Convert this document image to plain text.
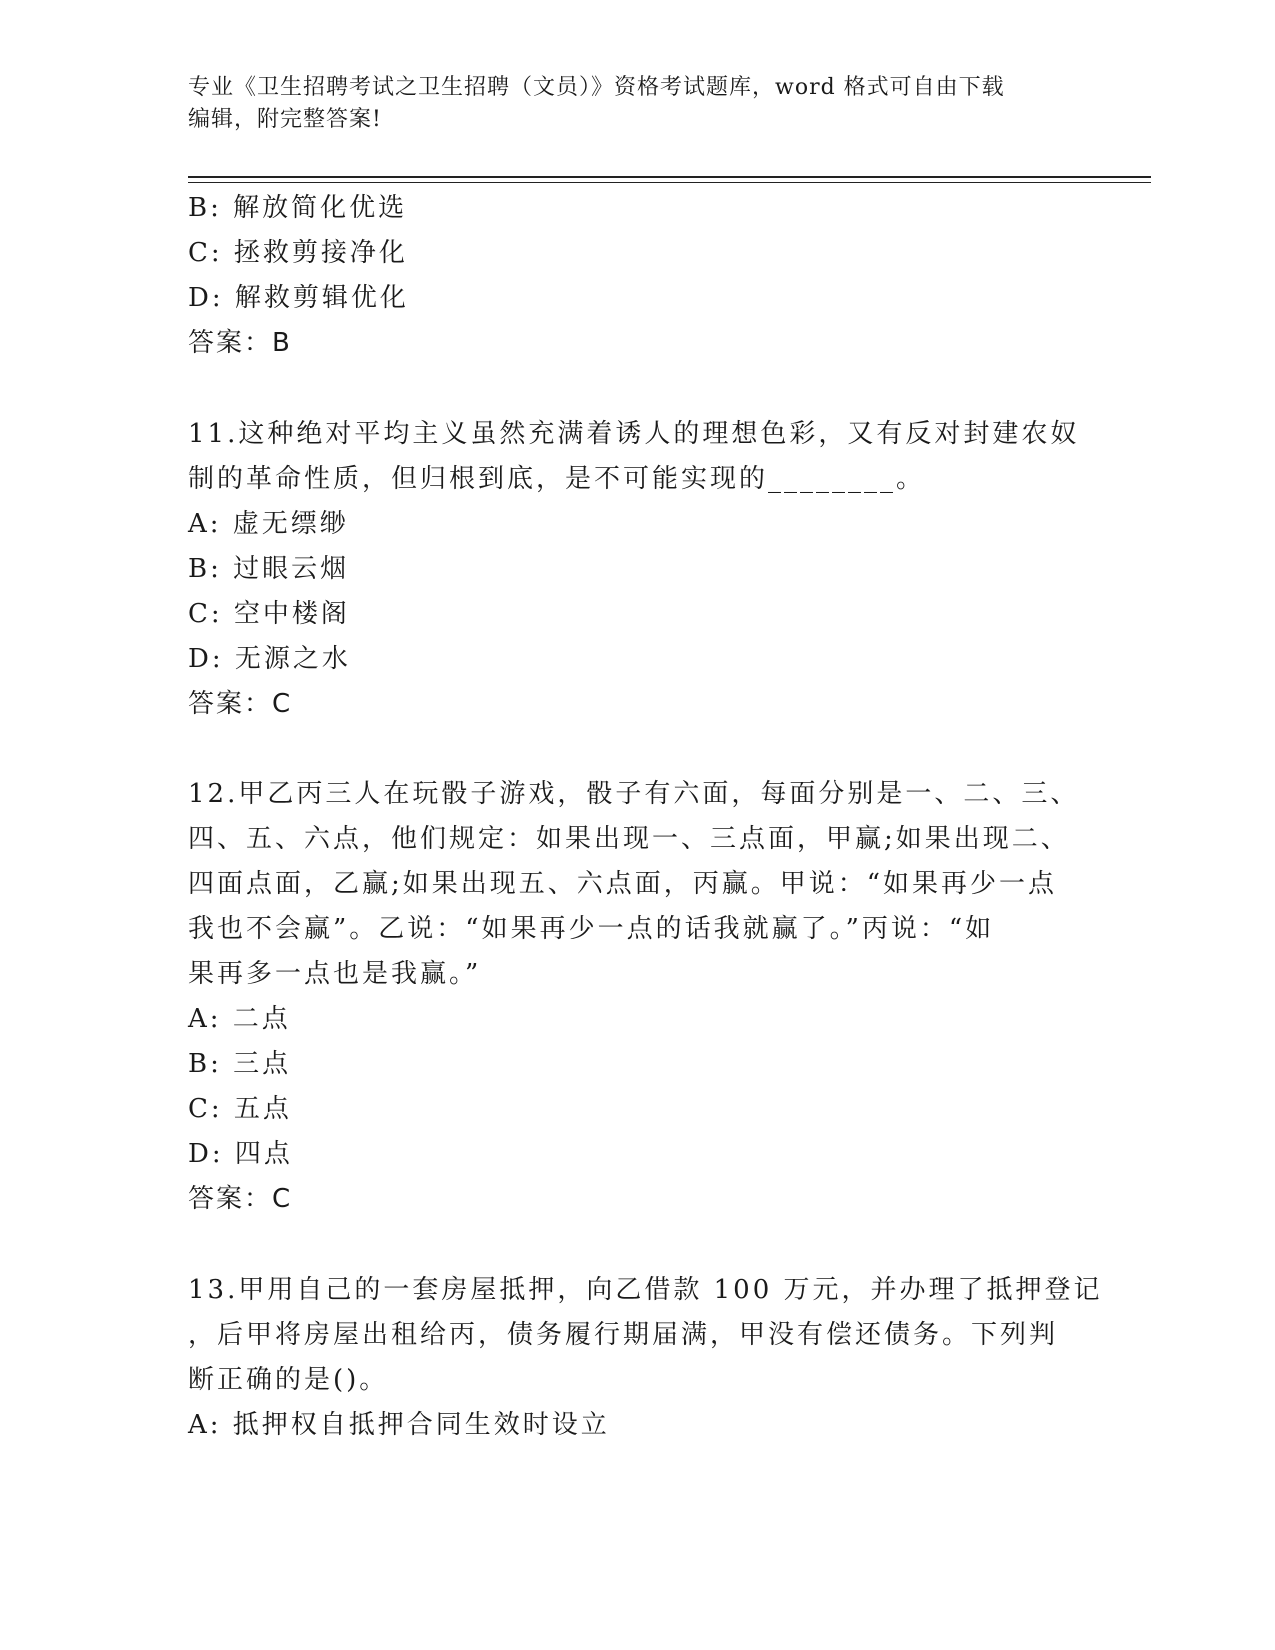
专业《卫生招聘考试之卫生招聘（文员）》资格考试题库，word 格式可自由下载
编辑，附完整答案!
B: 解放简化优选
C: 拯救剪接净化
D: 解救剪辑优化
答案：B
11.这种绝对平均主义虽然充满着诱人的理想色彩，又有反对封建农奴
制的革命性质，但归根到底，是不可能实现的________。
A: 虚无缥缈
B: 过眼云烟
C: 空中楼阁
D: 无源之水
答案：C
12.甲乙丙三人在玩骰子游戏，骰子有六面，每面分别是一、二、三、
四、五、六点，他们规定：如果出现一、三点面，甲赢;如果出现二、
四面点面，乙赢;如果出现五、六点面，丙赢。甲说：“如果再少一点
我也不会赢”。乙说：“如果再少一点的话我就赢了。”丙说：“如
果再多一点也是我赢。”
A: 二点
B: 三点
C: 五点
D: 四点
答案：C
13.甲用自己的一套房屋抵押，向乙借款 100 万元，并办理了抵押登记
，后甲将房屋出租给丙，债务履行期届满，甲没有偿还债务。下列判
断正确的是()。
A: 抵押权自抵押合同生效时设立
